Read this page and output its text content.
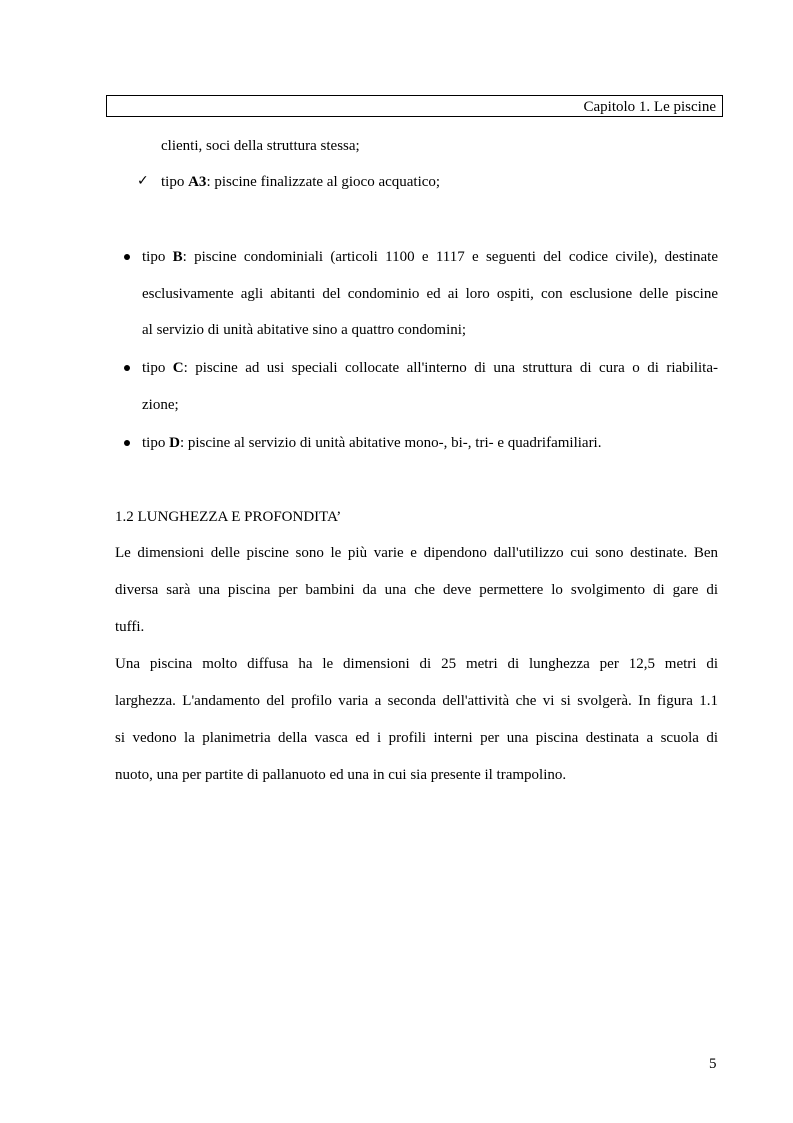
Capitolo 1. Le piscine
clienti, soci della struttura stessa;
✓ tipo A3: piscine finalizzate al gioco acquatico;
tipo B: piscine condominiali (articoli 1100 e 1117 e seguenti del codice civile), destinate
esclusivamente agli abitanti del condominio ed ai loro ospiti, con esclusione delle piscine
al servizio di unità abitative sino a quattro condomini;
tipo C: piscine ad usi speciali collocate all'interno di una struttura di cura o di riabilita-
zione;
tipo D: piscine al servizio di unità abitative mono-, bi-, tri- e quadrifamiliari.
1.2 LUNGHEZZA E PROFONDITA’
Le dimensioni delle piscine sono le più varie e dipendono dall'utilizzo cui sono destinate. Ben
diversa sarà una piscina per bambini da una che deve permettere lo svolgimento di gare di
tuffi.
Una piscina molto diffusa ha le dimensioni di 25 metri di lunghezza per 12,5 metri di
larghezza. L'andamento del profilo varia a seconda dell'attività che vi si svolgerà. In figura 1.1
si vedono la planimetria della vasca ed i profili interni per una piscina destinata a scuola di
nuoto, una per partite di pallanuoto ed una in cui sia presente il trampolino.
5
